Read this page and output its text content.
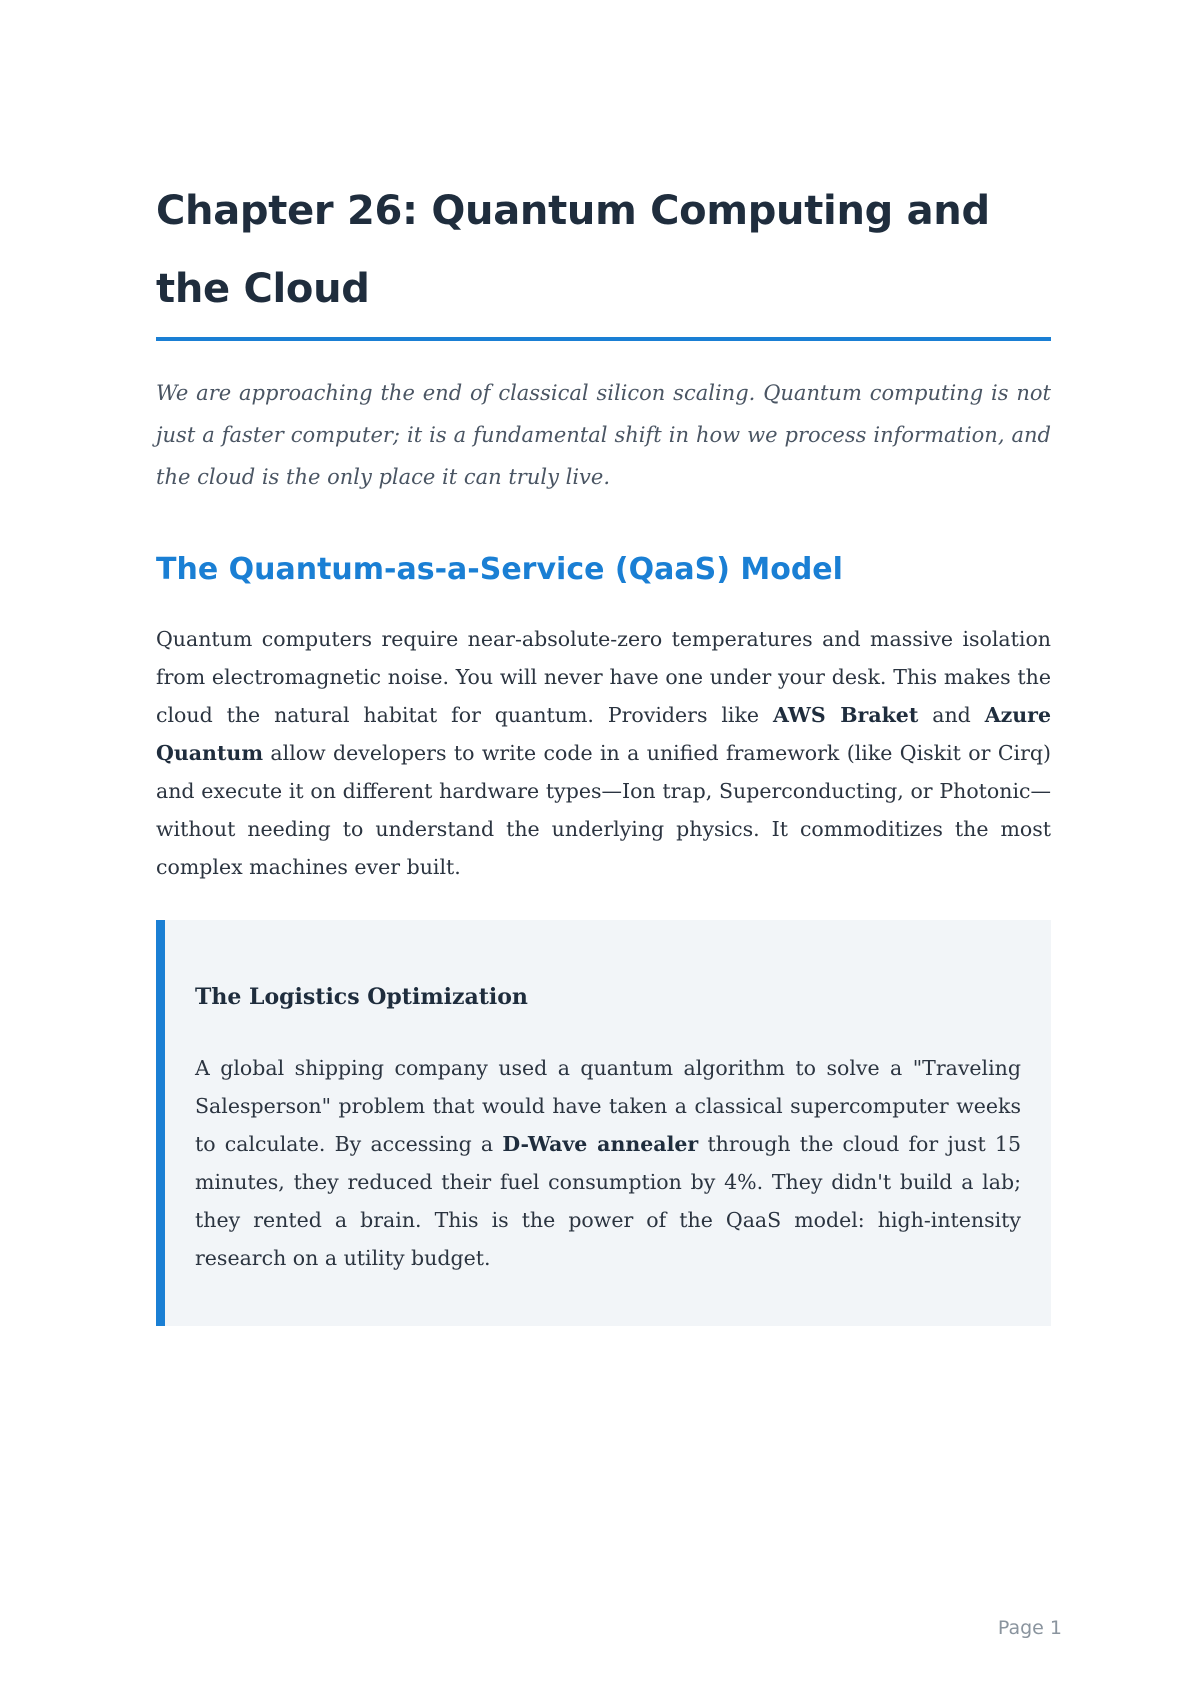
Chapter 26: Quantum Computing and the Cloud

We are approaching the end of classical silicon scaling. Quantum computing is not just a faster computer; it is a fundamental shift in how we process information, and the cloud is the only place it can truly live.

The Quantum-as-a-Service (QaaS) Model

Quantum computers require near-absolute-zero temperatures and massive isolation from electromagnetic noise. You will never have one under your desk. This makes the cloud the natural habitat for quantum. Providers like AWS Braket and Azure Quantum allow developers to write code in a unified framework (like Qiskit or Cirq) and execute it on different hardware types—Ion trap, Superconducting, or Photonic—without needing to understand the underlying physics. It commoditizes the most complex machines ever built.

The Logistics Optimization

A global shipping company used a quantum algorithm to solve a "Traveling Salesperson" problem that would have taken a classical supercomputer weeks to calculate. By accessing a D-Wave annealer through the cloud for just 15 minutes, they reduced their fuel consumption by 4%. They didn't build a lab; they rented a brain. This is the power of the QaaS model: high-intensity research on a utility budget.

Page 1
